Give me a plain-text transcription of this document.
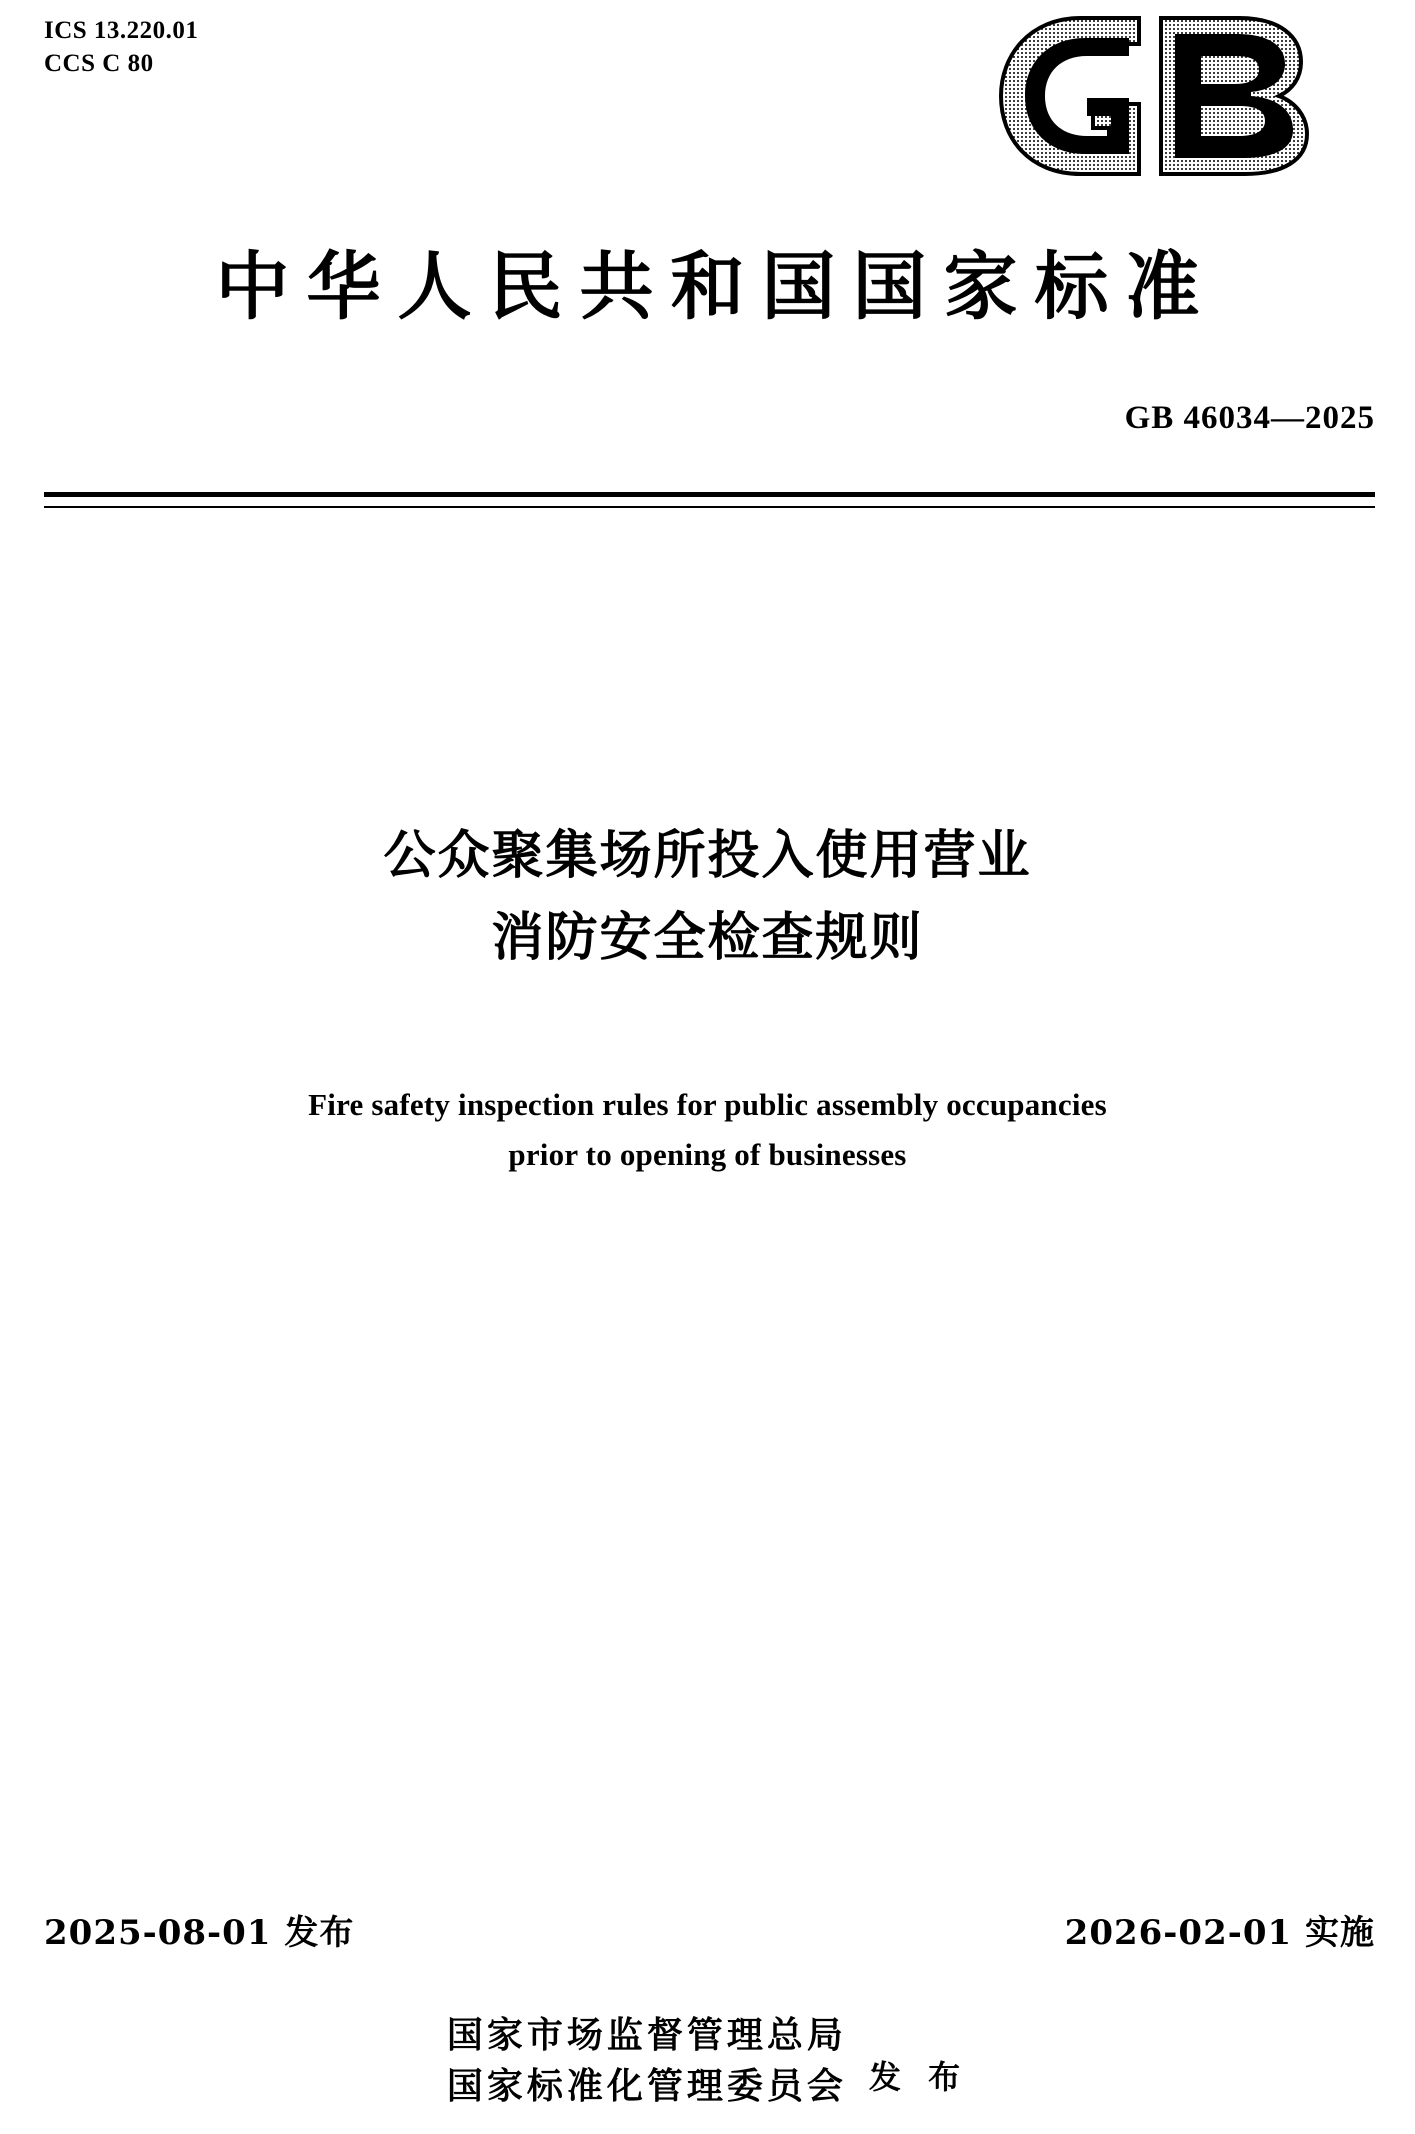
ICS 13.220.01
CCS C 80
中华人民共和国国家标准
GB 46034—2025
公众聚集场所投入使用营业
消防安全检查规则
Fire safety inspection rules for public assembly occupancies
prior to opening of businesses
2025-08-01 发布	2026-02-01 实施
国家市场监督管理总局
国家标准化管理委员会 发 布
